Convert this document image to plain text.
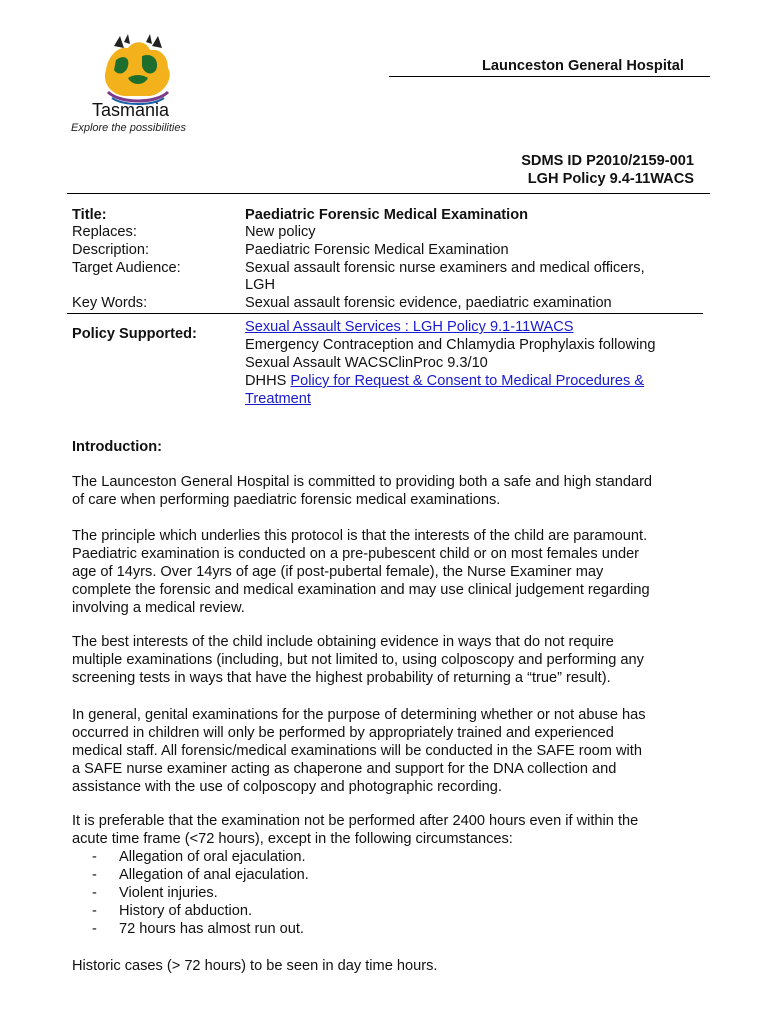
Tasmania
Explore the possibilities
Launceston General Hospital
SDMS ID P2010/2159-001
LGH Policy 9.4-11WACS
Title:	Paediatric Forensic Medical Examination
Replaces:	New policy
Description:	Paediatric Forensic Medical Examination
Target Audience:	Sexual assault forensic nurse examiners and medical officers,
LGH
Key Words:	Sexual assault forensic evidence, paediatric examination
Policy Supported:	Sexual Assault Services : LGH Policy 9.1-11WACS
Emergency Contraception and Chlamydia Prophylaxis following
Sexual Assault WACSClinProc 9.3/10
DHHS Policy for Request & Consent to Medical Procedures &
Treatment
Introduction:
The Launceston General Hospital is committed to providing both a safe and high standard
of care when performing paediatric forensic medical examinations.
The principle which underlies this protocol is that the interests of the child are paramount.
Paediatric examination is conducted on a pre-pubescent child or on most females under
age of 14yrs. Over 14yrs of age (if post-pubertal female), the Nurse Examiner may
complete the forensic and medical examination and may use clinical judgement regarding
involving a medical review.
The best interests of the child include obtaining evidence in ways that do not require
multiple examinations (including, but not limited to, using colposcopy and performing any
screening tests in ways that have the highest probability of returning a “true” result).
In general, genital examinations for the purpose of determining whether or not abuse has
occurred in children will only be performed by appropriately trained and experienced
medical staff. All forensic/medical examinations will be conducted in the SAFE room with
a SAFE nurse examiner acting as chaperone and support for the DNA collection and
assistance with the use of colposcopy and photographic recording.
It is preferable that the examination not be performed after 2400 hours even if within the
acute time frame (<72 hours), except in the following circumstances:
- Allegation of oral ejaculation.
- Allegation of anal ejaculation.
- Violent injuries.
- History of abduction.
- 72 hours has almost run out.
Historic cases (> 72 hours) to be seen in day time hours.
